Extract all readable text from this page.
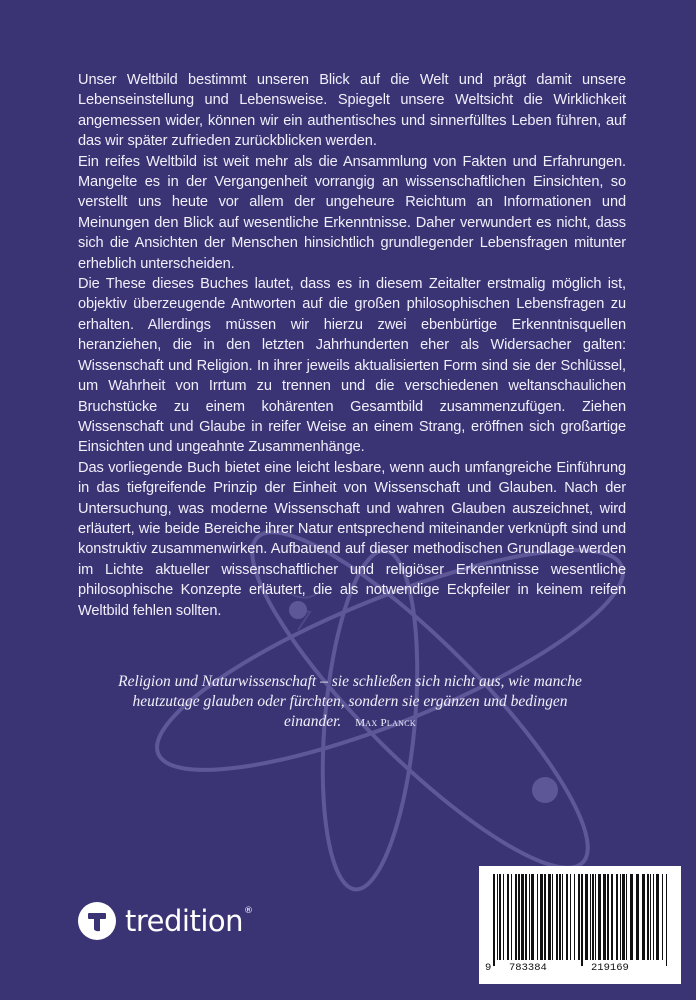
Unser Weltbild bestimmt unseren Blick auf die Welt und prägt damit unsere Lebenseinstellung und Lebensweise. Spiegelt unsere Weltsicht die Wirklichkeit angemessen wider, können wir ein authentisches und sinnerfülltes Leben führen, auf das wir später zufrieden zurückblicken werden.

Ein reifes Weltbild ist weit mehr als die Ansammlung von Fakten und Erfahrungen. Mangelte es in der Vergangenheit vorrangig an wissenschaftlichen Einsichten, so verstellt uns heute vor allem der ungeheure Reichtum an Informationen und Meinungen den Blick auf wesentliche Erkenntnisse. Daher verwundert es nicht, dass sich die Ansichten der Menschen hinsichtlich grundlegender Lebensfragen mitunter erheblich unterscheiden.

Die These dieses Buches lautet, dass es in diesem Zeitalter erstmalig möglich ist, objektiv überzeugende Antworten auf die großen philosophischen Lebensfragen zu erhalten. Allerdings müssen wir hierzu zwei ebenbürtige Erkenntnisquellen heranziehen, die in den letzten Jahrhunderten eher als Widersacher galten: Wissenschaft und Religion. In ihrer jeweils aktualisierten Form sind sie der Schlüssel, um Wahrheit von Irrtum zu trennen und die verschiedenen weltanschaulichen Bruchstücke zu einem kohärenten Gesamtbild zusammenzufügen. Ziehen Wissenschaft und Glaube in reifer Weise an einem Strang, eröffnen sich großartige Einsichten und ungeahnte Zusammenhänge.

Das vorliegende Buch bietet eine leicht lesbare, wenn auch umfangreiche Einführung in das tiefgreifende Prinzip der Einheit von Wissenschaft und Glauben. Nach der Untersuchung, was moderne Wissenschaft und wahren Glauben auszeichnet, wird erläutert, wie beide Bereiche ihrer Natur entsprechend miteinander verknüpft sind und konstruktiv zusammenwirken. Aufbauend auf dieser methodischen Grundlage werden im Lichte aktueller wissenschaftlicher und religiöser Erkenntnisse wesentliche philosophische Konzepte erläutert, die als notwendige Eckpfeiler in keinem reifen Weltbild fehlen sollten.

Religion und Naturwissenschaft – sie schließen sich nicht aus, wie manche heutzutage glauben oder fürchten, sondern sie ergänzen und bedingen einander. Max Planck
tredition®
9 783384	219169
